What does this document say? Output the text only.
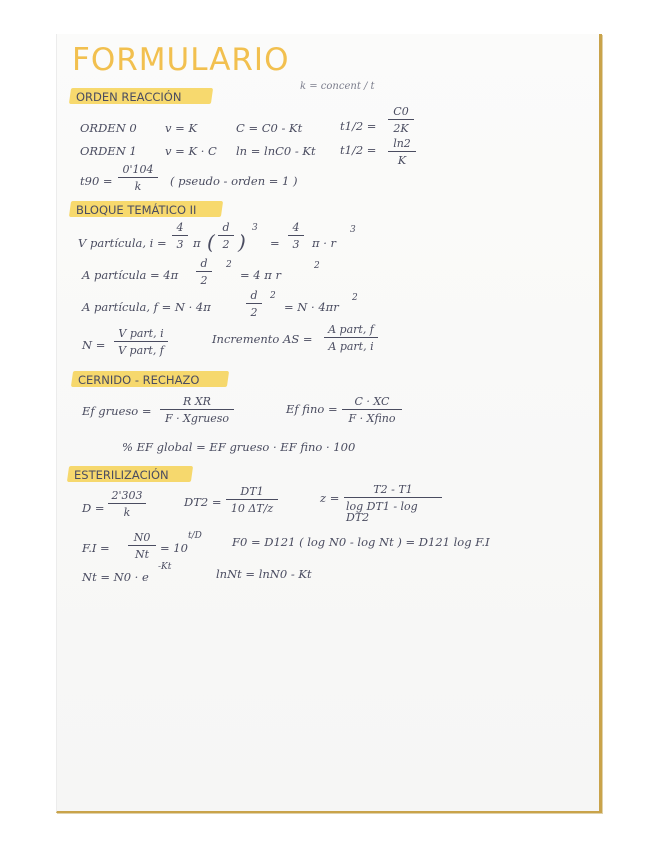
FORMULARIO
ORDEN REACCIÓN
k = concent / t
ORDEN 0 v = K	C = C0 - Kt	t1/2 =
C0
2K
ORDEN 1 v = K · C ln = lnC0 - Kt t1/2 = ln2
K
t90 =
0'104
k ( pseudo - orden = 1 )
BLOQUE TEMÁTICO II
V partícula, i =
4
3 π (
d
2 )
3
=
4
3 π · r
3
A partícula = 4π
d
2
2
= 4 π r
2
A partícula, f = N · 4π
d
2
2
= N · 4πr
2
N =
V part, i
V part, f
Incremento AS =
A part, f
A part, i
CERNIDO - RECHAZO
Ef grueso =
R XR
F · Xgrueso
Ef fino =
C · XC
F · Xfino
% EF global = EF grueso · EF fino · 100
ESTERILIZACIÓN
D =
2'303
k
DT2 =
DT1
10 ΔT/z
z =
T2 - T1
log DT1 - log DT2
F.I =
N0
Nt = 10
t/D	F0 = D121 ( log N0 - log Nt ) = D121 log F.I
Nt = N0 · e
-Kt	lnNt = lnN0 - Kt
